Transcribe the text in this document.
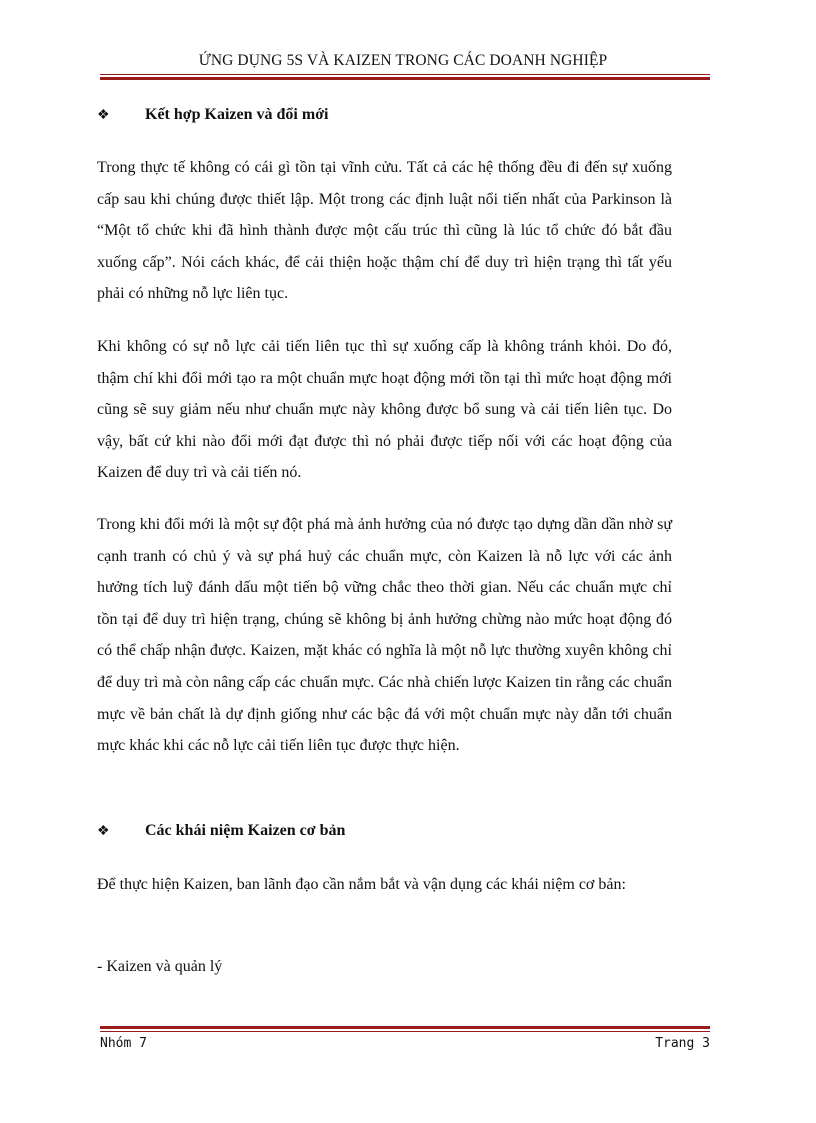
ỨNG DỤNG 5S VÀ KAIZEN TRONG CÁC DOANH NGHIỆP
❖ Kết hợp Kaizen và đổi mới

Trong thực tế không có cái gì tồn tại vĩnh cửu. Tất cả các hệ thống đều đi đến sự xuống cấp sau khi chúng được thiết lập. Một trong các định luật nổi tiến nhất của Parkinson là “Một tổ chức khi đã hình thành được một cấu trúc thì cũng là lúc tổ chức đó bắt đầu xuống cấp”. Nói cách khác, để cải thiện hoặc thậm chí để duy trì hiện trạng thì tất yếu phải có những nỗ lực liên tục.

Khi không có sự nỗ lực cải tiến liên tục thì sự xuống cấp là không tránh khỏi. Do đó, thậm chí khi đổi mới tạo ra một chuẩn mực hoạt động mới tồn tại thì mức hoạt động mới cũng sẽ suy giảm nếu như chuẩn mực này không được bổ sung và cải tiến liên tục. Do vậy, bất cứ khi nào đổi mới đạt được thì nó phải được tiếp nối với các hoạt động của Kaizen để duy trì và cải tiến nó.

Trong khi đổi mới là một sự đột phá mà ảnh hưởng của nó được tạo dựng dần dần nhờ sự cạnh tranh có chủ ý và sự phá huỷ các chuẩn mực, còn Kaizen là nỗ lực với các ảnh hưởng tích luỹ đánh dấu một tiến bộ vững chắc theo thời gian. Nếu các chuẩn mực chỉ tồn tại để duy trì hiện trạng, chúng sẽ không bị ảnh hưởng chừng nào mức hoạt động đó có thể chấp nhận được. Kaizen, mặt khác có nghĩa là một nỗ lực thường xuyên không chỉ để duy trì mà còn nâng cấp các chuẩn mực. Các nhà chiến lược Kaizen tin rằng các chuẩn mực về bản chất là dự định giống như các bậc đá với một chuẩn mực này dẫn tới chuẩn mực khác khi các nỗ lực cải tiến liên tục được thực hiện.

❖ Các khái niệm Kaizen cơ bản

Để thực hiện Kaizen, ban lãnh đạo cần nắm bắt và vận dụng các khái niệm cơ bản:

- Kaizen và quản lý

Nhóm 7	Trang 3
